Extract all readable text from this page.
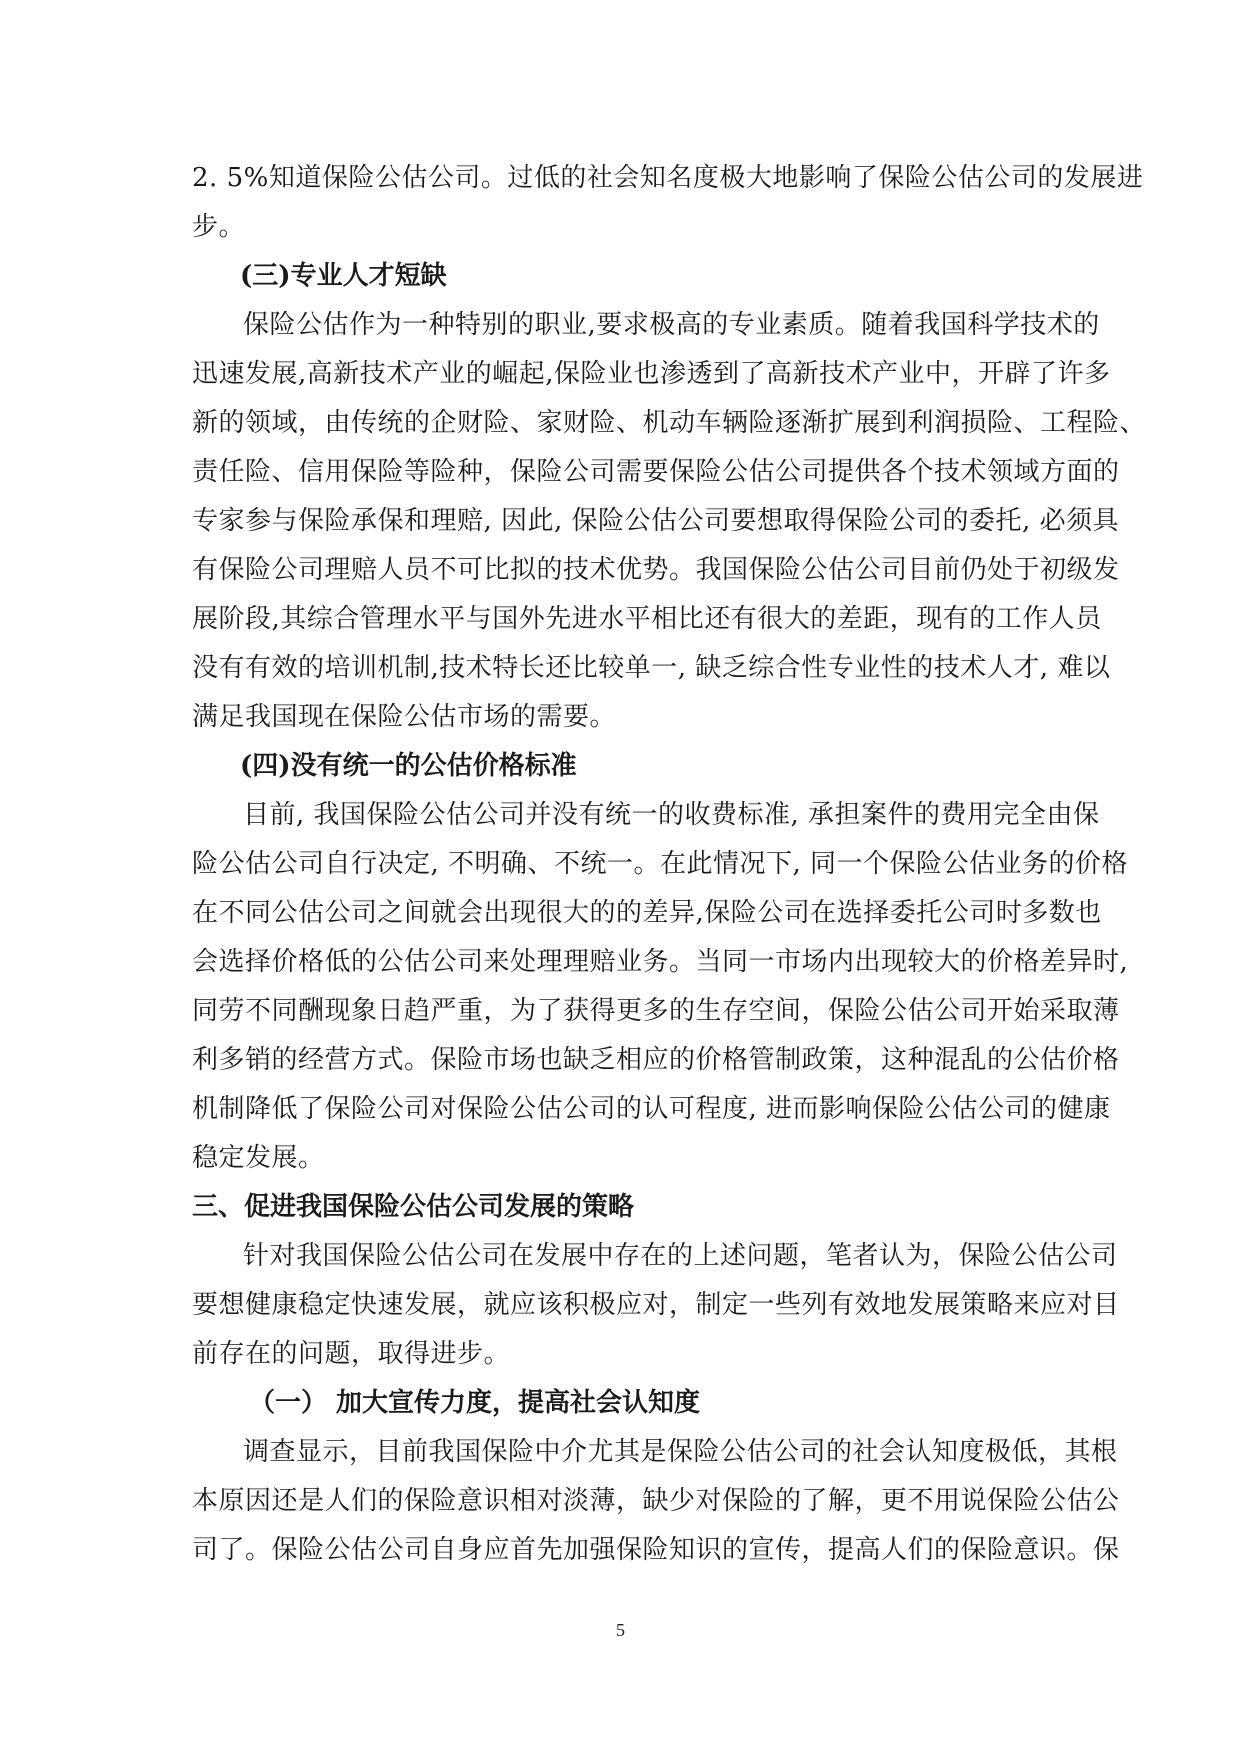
2. 5%知道保险公估公司。过低的社会知名度极大地影响了保险公估公司的发展进
步。
(三)专业人才短缺
保险公估作为一种特别的职业,要求极高的专业素质。随着我国科学技术的
迅速发展,高新技术产业的崛起,保险业也渗透到了高新技术产业中，开辟了许多
新的领域，由传统的企财险、家财险、机动车辆险逐渐扩展到利润损险、工程险、
责任险、信用保险等险种，保险公司需要保险公估公司提供各个技术领域方面的
专家参与保险承保和理赔, 因此, 保险公估公司要想取得保险公司的委托, 必须具
有保险公司理赔人员不可比拟的技术优势。我国保险公估公司目前仍处于初级发
展阶段,其综合管理水平与国外先进水平相比还有很大的差距，现有的工作人员
没有有效的培训机制,技术特长还比较单一, 缺乏综合性专业性的技术人才, 难以
满足我国现在保险公估市场的需要。
(四)没有统一的公估价格标准
目前, 我国保险公估公司并没有统一的收费标准, 承担案件的费用完全由保
险公估公司自行决定, 不明确、不统一。在此情况下, 同一个保险公估业务的价格
在不同公估公司之间就会出现很大的的差异,保险公司在选择委托公司时多数也
会选择价格低的公估公司来处理理赔业务。当同一市场内出现较大的价格差异时,
同劳不同酬现象日趋严重，为了获得更多的生存空间，保险公估公司开始采取薄
利多销的经营方式。保险市场也缺乏相应的价格管制政策，这种混乱的公估价格
机制降低了保险公司对保险公估公司的认可程度, 进而影响保险公估公司的健康
稳定发展。
三、促进我国保险公估公司发展的策略
针对我国保险公估公司在发展中存在的上述问题，笔者认为，保险公估公司
要想健康稳定快速发展，就应该积极应对，制定一些列有效地发展策略来应对目
前存在的问题，取得进步。
（一） 加大宣传力度，提高社会认知度
调查显示，目前我国保险中介尤其是保险公估公司的社会认知度极低，其根
本原因还是人们的保险意识相对淡薄，缺少对保险的了解，更不用说保险公估公
司了。保险公估公司自身应首先加强保险知识的宣传，提高人们的保险意识。保
5
